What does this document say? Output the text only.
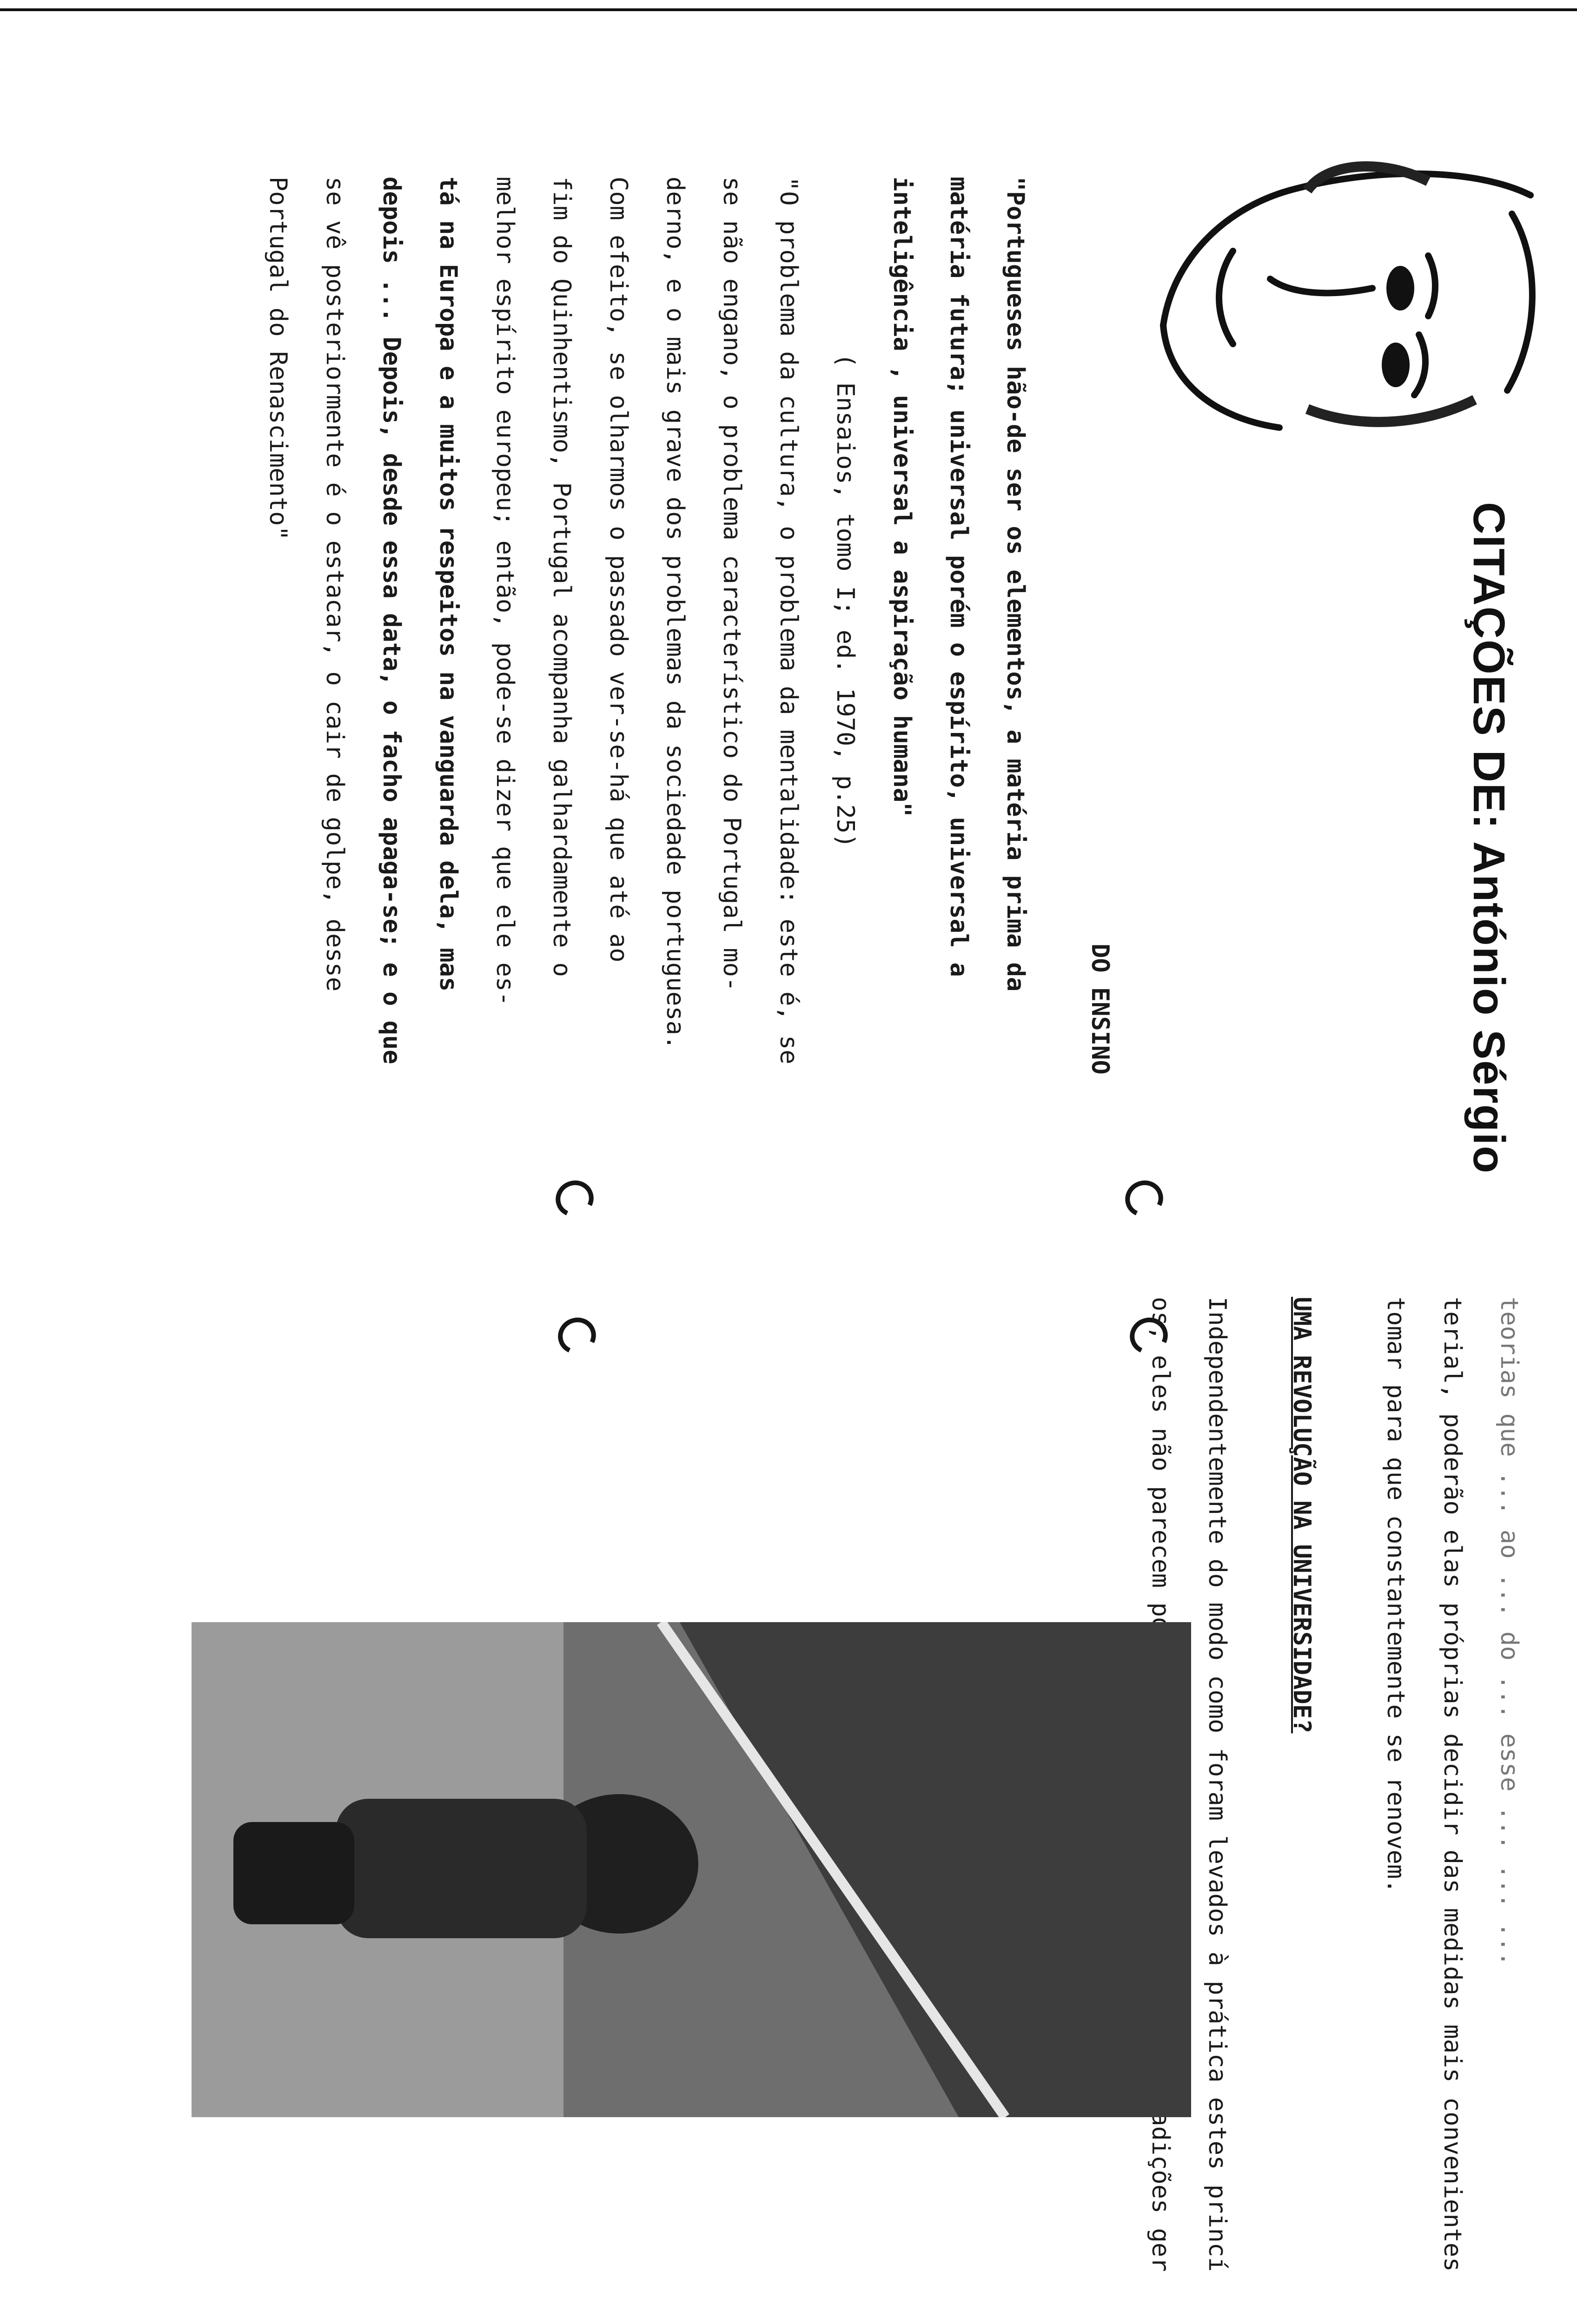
CITAÇÕES DE: António Sérgio
DO ENSINO
"Portugueses hão-de ser os elementos, a matéria prima da
matéria futura; universal porém o espírito, universal a
inteligência , universal a aspiração humana"
( Ensaios, tomo I; ed. 1970, p.25)
"O problema da cultura, o problema da mentalidade: este é, se
se não engano, o problema característico do Portugal mo-
derno, e o mais grave dos problemas da sociedade portuguesa.
Com efeito, se olharmos o passado ver-se-há que até ao
fim do Quinhentismo, Portugal acompanha galhardamente o
melhor espírito europeu; então, pode-se dizer que ele es-
tá na Europa e a muitos respeitos na vanguarda dela, mas
depois ... Depois, desde essa data, o facho apaga-se; e o que
se vê posteriormente é o estacar, o cair de golpe, desse
Portugal do Renascimento"
teorias que ... ao ... do ... esse ... ... ...
terial, poderão elas próprias decidir das medidas mais convenientes
tomar para que constantemente se renovem.
UMA REVOLUÇÃO NA UNIVERSIDADE?
Independentemente do modo como foram levados à prática estes princí
